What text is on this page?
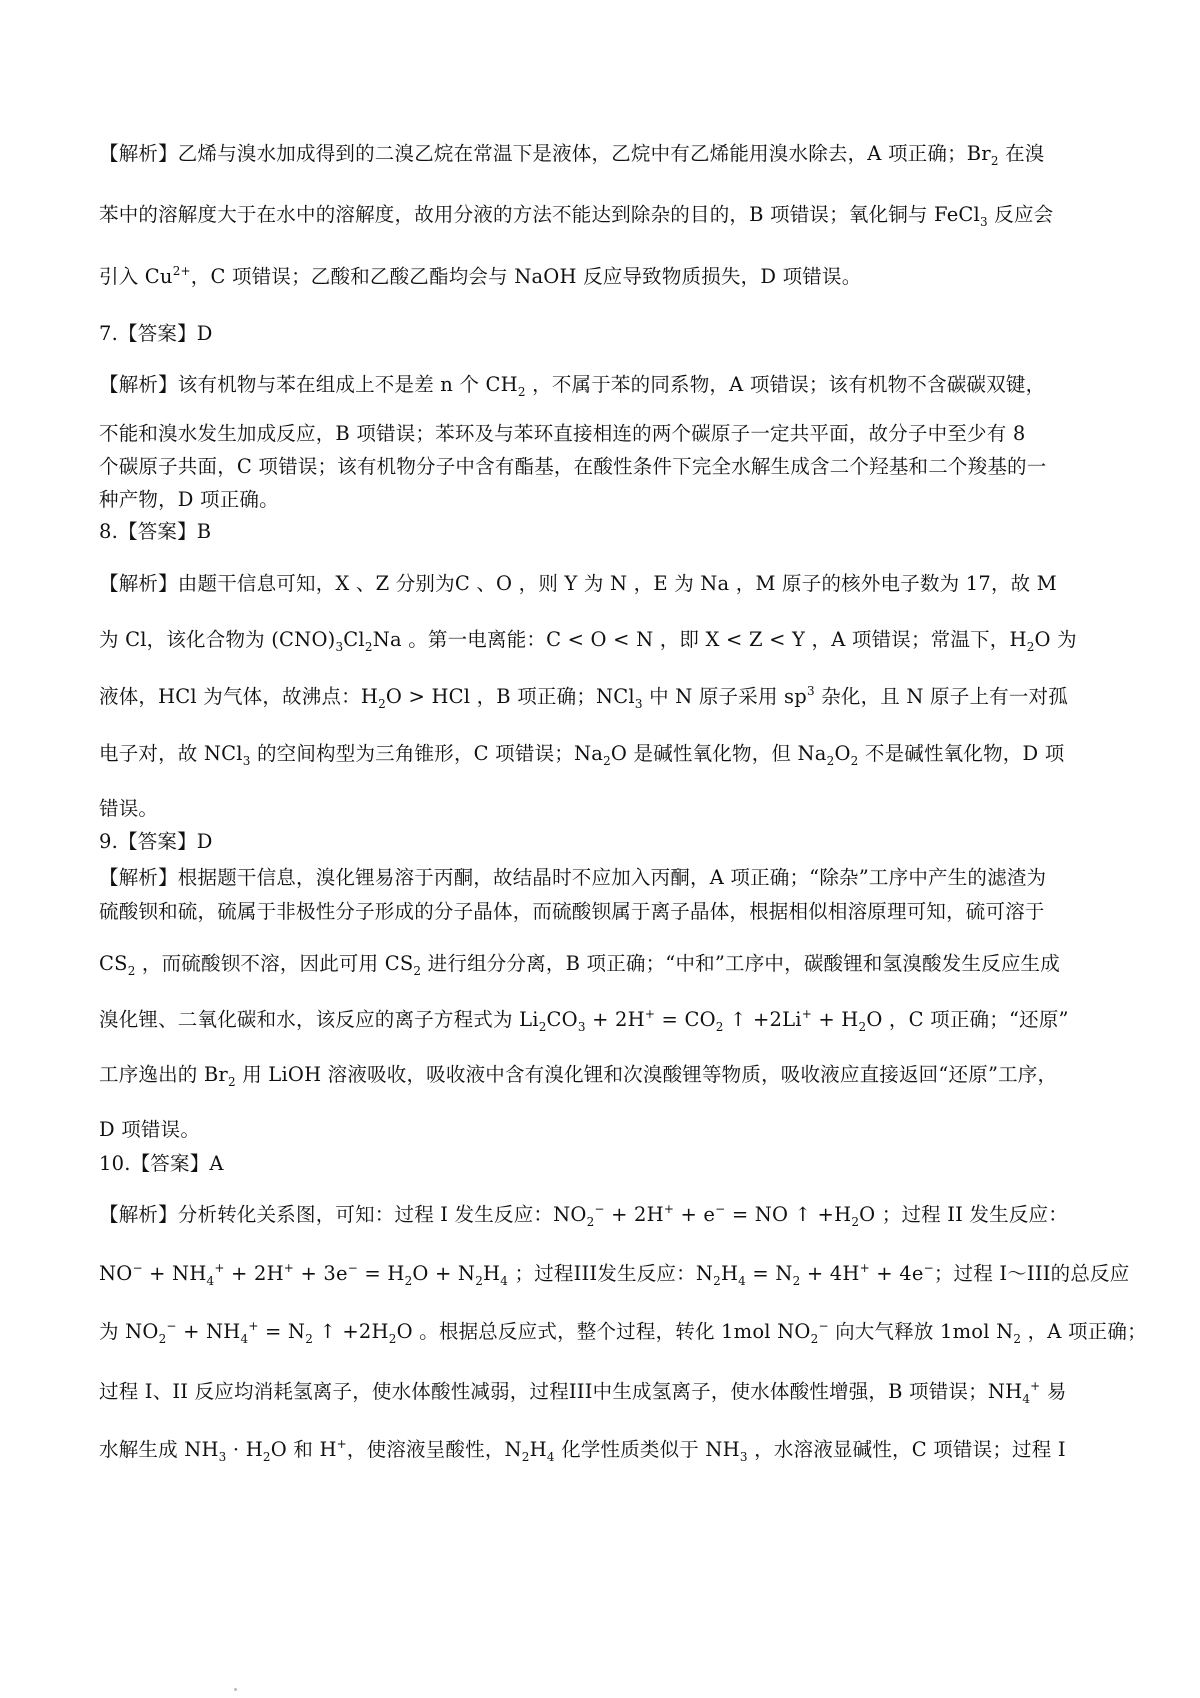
【解析】乙烯与溴水加成得到的二溴乙烷在常温下是液体，乙烷中有乙烯能用溴水除去，A 项正确；$Br_2$ 在溴
苯中的溶解度大于在水中的溶解度，故用分液的方法不能达到除杂的目的，B 项错误；氧化铜与 FeCl$_3$ 反应会
引入 $Cu^{2+}$，C 项错误；乙酸和乙酸乙酯均会与 NaOH 反应导致物质损失，D 项错误。
7.【答案】D
【解析】该有机物与苯在组成上不是差 n 个 $CH_2$ ，不属于苯的同系物，A 项错误；该有机物不含碳碳双键，
不能和溴水发生加成反应，B 项错误；苯环及与苯环直接相连的两个碳原子一定共平面，故分子中至少有 8
个碳原子共面，C 项错误；该有机物分子中含有酯基，在酸性条件下完全水解生成含二个羟基和二个羧基的一
种产物，D 项正确。
8.【答案】B
【解析】由题干信息可知，X 、Z 分别为C 、O ，则 Y 为 N ，E 为 Na ，M 原子的核外电子数为 17，故 M
为 Cl，该化合物为 $(CNO)_3Cl_2Na$ 。第一电离能：C < O < N ，即 X < Z < Y ，A 项错误；常温下，$H_2O$ 为
液体，HCl 为气体，故沸点：$H_2O$ > HCl ，B 项正确；NCl$_3$ 中 N 原子采用 $sp^3$ 杂化，且 N 原子上有一对孤
电子对，故 NCl$_3$ 的空间构型为三角锥形，C 项错误；$Na_2O$ 是碱性氧化物，但 $Na_2O_2$ 不是碱性氧化物，D 项
错误。
9.【答案】D
【解析】根据题干信息，溴化锂易溶于丙酮，故结晶时不应加入丙酮，A 项正确；“除杂”工序中产生的滤渣为
硫酸钡和硫，硫属于非极性分子形成的分子晶体，而硫酸钡属于离子晶体，根据相似相溶原理可知，硫可溶于
$CS_2$ ，而硫酸钡不溶，因此可用 $CS_2$ 进行组分分离，B 项正确；“中和”工序中，碳酸锂和氢溴酸发生反应生成
溴化锂、二氧化碳和水，该反应的离子方程式为 $Li_2CO_3 + 2H^+ = CO_2$ ↑ $+2Li^+ + H_2O$ ，C 项正确；“还原”
工序逸出的 $Br_2$ 用 LiOH 溶液吸收，吸收液中含有溴化锂和次溴酸锂等物质，吸收液应直接返回“还原”工序，
D 项错误。
10.【答案】A
【解析】分析转化关系图，可知：过程 I 发生反应：$NO_2^- + 2H^+ + e^-$ = NO ↑ $+H_2O$ ；过程 II 发生反应：
$NO^- + NH_4^+ + 2H^+ + 3e^- = H_2O + N_2H_4$ ；过程III发生反应：$N_2H_4 = N_2 + 4H^+ + 4e^-$；过程 I～III的总反应
为 $NO_2^- + NH_4^+ = N_2$ ↑ $+2H_2O$ 。根据总反应式，整个过程，转化 1mol $NO_2^-$ 向大气释放 1mol $N_2$ ，A 项正确；
过程 I、II 反应均消耗氢离子，使水体酸性减弱，过程III中生成氢离子，使水体酸性增强，B 项错误；$NH_4^+$ 易
水解生成 $NH_3 \cdot H_2O$ 和 H+，使溶液呈酸性，$N_2H_4$ 化学性质类似于 $NH_3$ ，水溶液显碱性，C 项错误；过程 I
